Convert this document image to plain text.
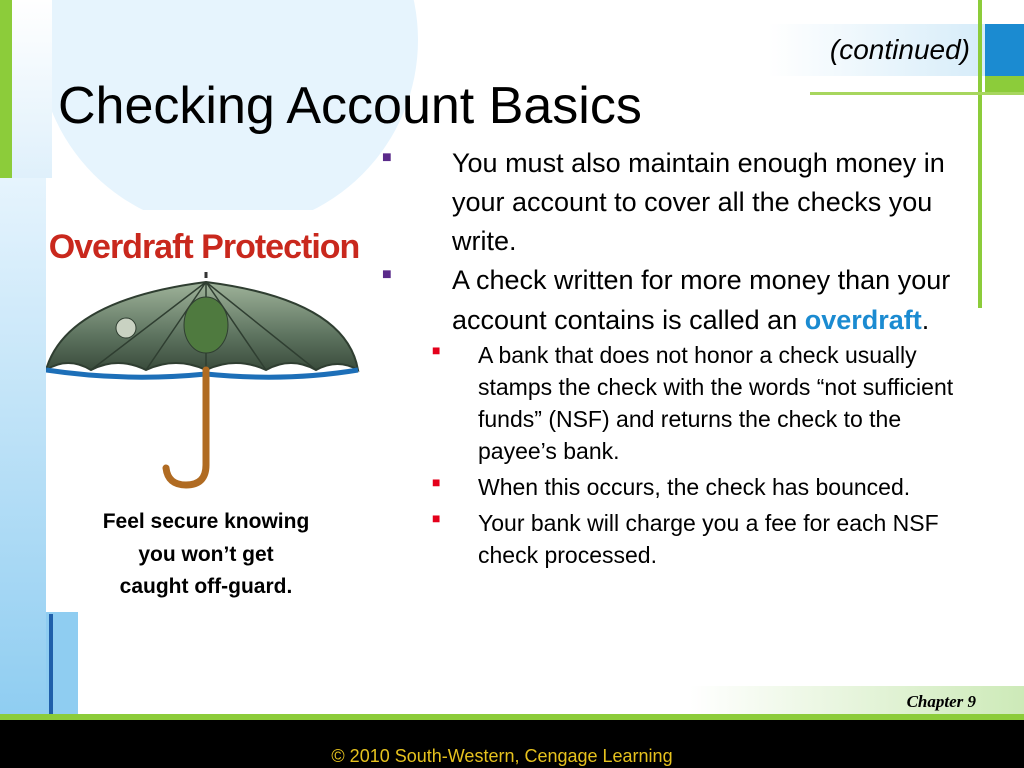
(continued)
Checking Account Basics
Overdraft Protection
Feel secure knowing
you won’t get
caught off-guard.
■ You must also maintain enough money in your account to cover all the checks you write.
■ A check written for more money than your account contains is called an overdraft.
■ A bank that does not honor a check usually stamps the check with the words “not sufficient funds” (NSF) and returns the check to the payee’s bank.
■ When this occurs, the check has bounced.
■ Your bank will charge you a fee for each NSF check processed.
Chapter 9
© 2010 South-Western, Cengage Learning
